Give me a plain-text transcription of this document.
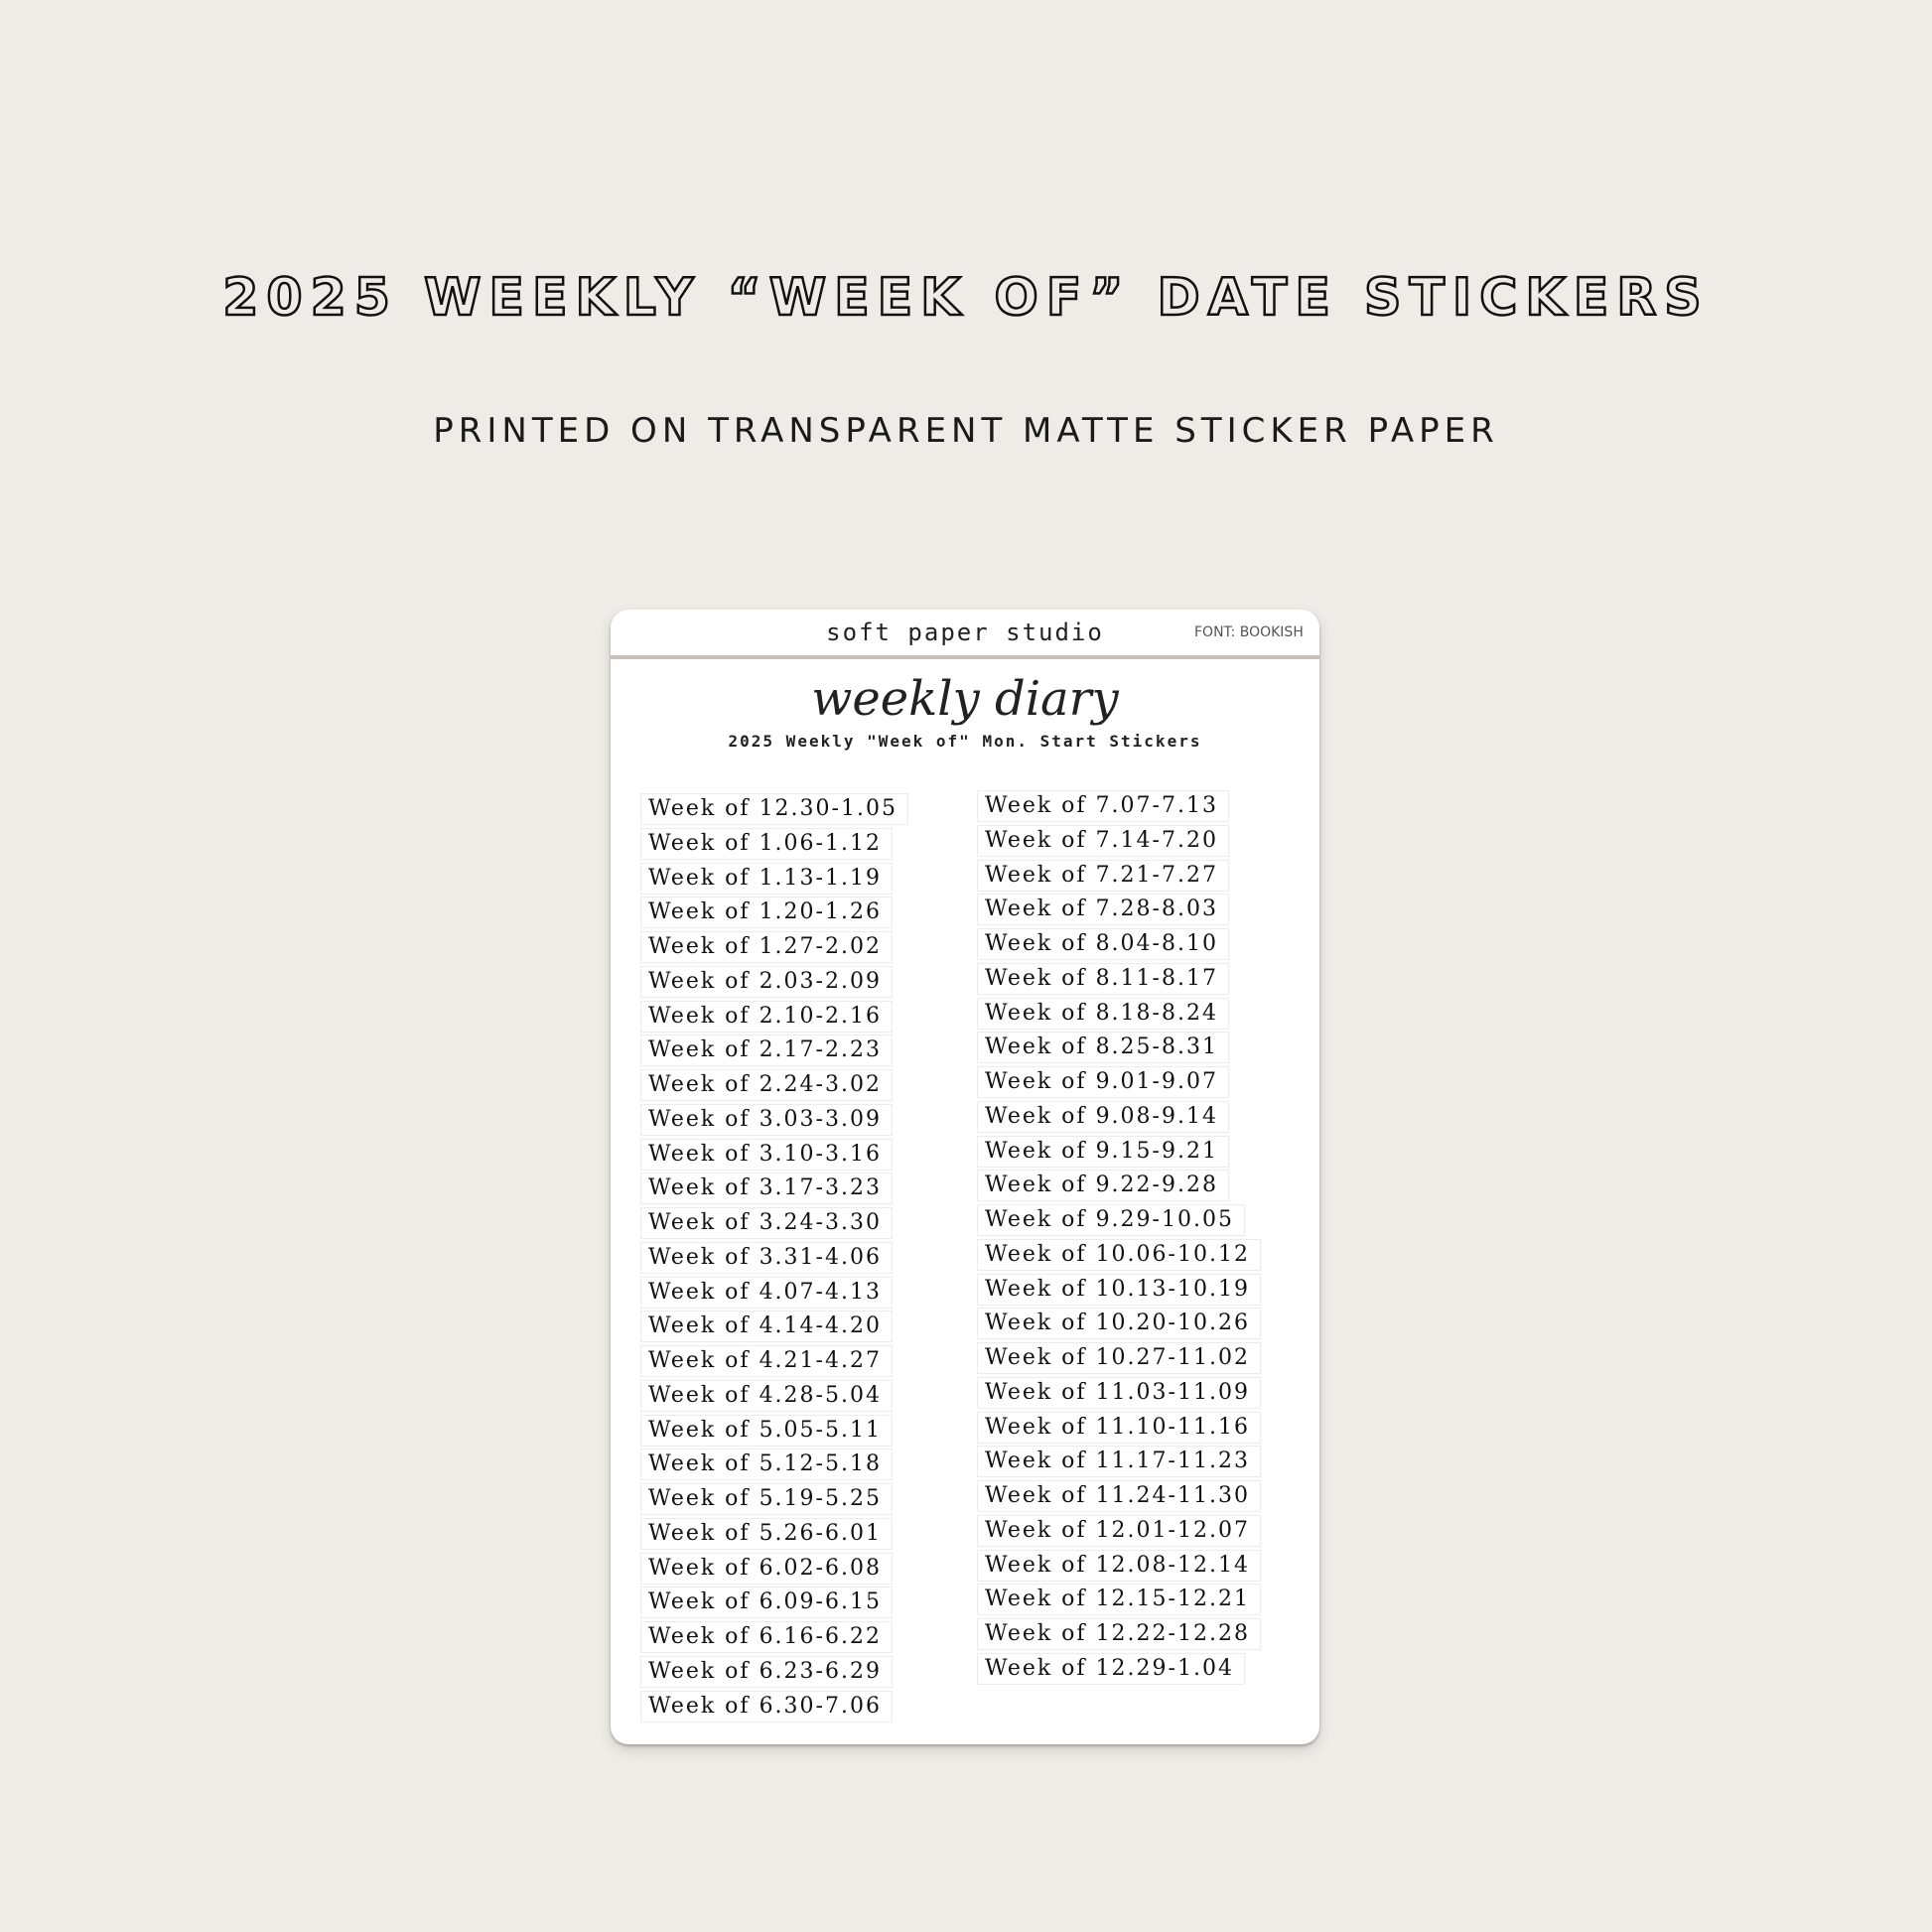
2025 WEEKLY “WEEK OF” DATE STICKERS
PRINTED ON TRANSPARENT MATTE STICKER PAPER
soft paper studio	FONT: BOOKISH
weekly diary
2025 Weekly "Week of" Mon. Start Stickers
Week of 12.30-1.05
Week of 1.06-1.12
Week of 1.13-1.19
Week of 1.20-1.26
Week of 1.27-2.02
Week of 2.03-2.09
Week of 2.10-2.16
Week of 2.17-2.23
Week of 2.24-3.02
Week of 3.03-3.09
Week of 3.10-3.16
Week of 3.17-3.23
Week of 3.24-3.30
Week of 3.31-4.06
Week of 4.07-4.13
Week of 4.14-4.20
Week of 4.21-4.27
Week of 4.28-5.04
Week of 5.05-5.11
Week of 5.12-5.18
Week of 5.19-5.25
Week of 5.26-6.01
Week of 6.02-6.08
Week of 6.09-6.15
Week of 6.16-6.22
Week of 6.23-6.29
Week of 6.30-7.06
Week of 7.07-7.13
Week of 7.14-7.20
Week of 7.21-7.27
Week of 7.28-8.03
Week of 8.04-8.10
Week of 8.11-8.17
Week of 8.18-8.24
Week of 8.25-8.31
Week of 9.01-9.07
Week of 9.08-9.14
Week of 9.15-9.21
Week of 9.22-9.28
Week of 9.29-10.05
Week of 10.06-10.12
Week of 10.13-10.19
Week of 10.20-10.26
Week of 10.27-11.02
Week of 11.03-11.09
Week of 11.10-11.16
Week of 11.17-11.23
Week of 11.24-11.30
Week of 12.01-12.07
Week of 12.08-12.14
Week of 12.15-12.21
Week of 12.22-12.28
Week of 12.29-1.04
